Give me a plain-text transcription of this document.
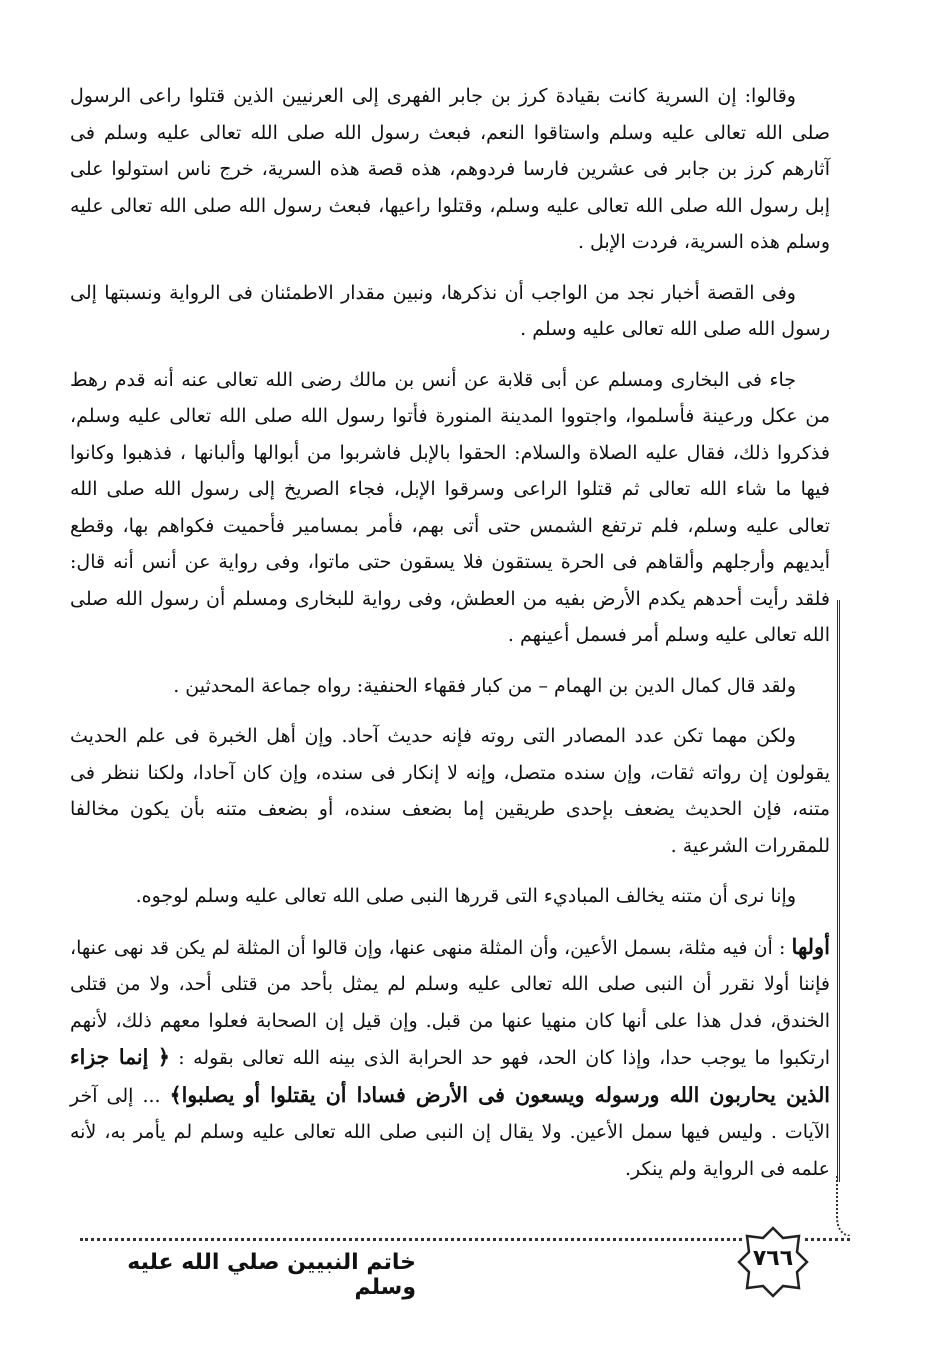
وقالوا: إن السرية كانت بقيادة كرز بن جابر الفهرى إلى العرنيين الذين قتلوا راعى الرسول صلى الله تعالى عليه وسلم واستاقوا النعم، فبعث رسول الله صلى الله تعالى عليه وسلم فى آثارهم كرز بن جابر فى عشرين فارسا فردوهم، هذه قصة هذه السرية، خرج ناس استولوا على إبل رسول الله صلى الله تعالى عليه وسلم، وقتلوا راعيها، فبعث رسول الله صلى الله تعالى عليه وسلم هذه السرية، فردت الإبل .

وفى القصة أخبار نجد من الواجب أن نذكرها، ونبين مقدار الاطمئنان فى الرواية ونسبتها إلى رسول الله صلى الله تعالى عليه وسلم .

جاء فى البخارى ومسلم عن أبى قلابة عن أنس بن مالك رضى الله تعالى عنه أنه قدم رهط من عكل ورعينة فأسلموا، واجتووا المدينة المنورة فأتوا رسول الله صلى الله تعالى عليه وسلم، فذكروا ذلك، فقال عليه الصلاة والسلام: الحقوا بالإبل فاشربوا من أبوالها وألبانها ، فذهبوا وكانوا فيها ما شاء الله تعالى ثم قتلوا الراعى وسرقوا الإبل، فجاء الصريخ إلى رسول الله صلى الله تعالى عليه وسلم، فلم ترتفع الشمس حتى أتى بهم، فأمر بمسامير فأحميت فكواهم بها، وقطع أيديهم وأرجلهم وألقاهم فى الحرة يستقون فلا يسقون حتى ماتوا، وفى رواية عن أنس أنه قال: فلقد رأيت أحدهم يكدم الأرض بفيه من العطش، وفى رواية للبخارى ومسلم أن رسول الله صلى الله تعالى عليه وسلم أمر فسمل أعينهم .

ولقد قال كمال الدين بن الهمام – من كبار فقهاء الحنفية: رواه جماعة المحدثين .

ولكن مهما تكن عدد المصادر التى روته فإنه حديث آحاد. وإن أهل الخبرة فى علم الحديث يقولون إن رواته ثقات، وإن سنده متصل، وإنه لا إنكار فى سنده، وإن كان آحادا، ولكنا ننظر فى متنه، فإن الحديث يضعف بإحدى طريقين إما بضعف سنده، أو بضعف متنه بأن يكون مخالفا للمقررات الشرعية .

وإنا نرى أن متنه يخالف المباديء التى قررها النبى صلى الله تعالى عليه وسلم لوجوه.

أولها : أن فيه مثلة، بسمل الأعين، وأن المثلة منهى عنها، وإن قالوا أن المثلة لم يكن قد نهى عنها، فإننا أولا نقرر أن النبى صلى الله تعالى عليه وسلم لم يمثل بأحد من قتلى أحد، ولا من قتلى الخندق، فدل هذا على أنها كان منهيا عنها من قبل. وإن قيل إن الصحابة فعلوا معهم ذلك، لأنهم ارتكبوا ما يوجب حدا، وإذا كان الحد، فهو حد الحرابة الذى بينه الله تعالى بقوله : ﴿ إنما جزاء الذين يحاربون الله ورسوله ويسعون فى الأرض فسادا أن يقتلوا أو يصلبوا﴾ ... إلى آخر الآيات . وليس فيها سمل الأعين. ولا يقال إن النبى صلى الله تعالى عليه وسلم لم يأمر به، لأنه علمه فى الرواية ولم ينكر.

خاتم النبيين صلي الله عليه وسلم
٧٦٦
